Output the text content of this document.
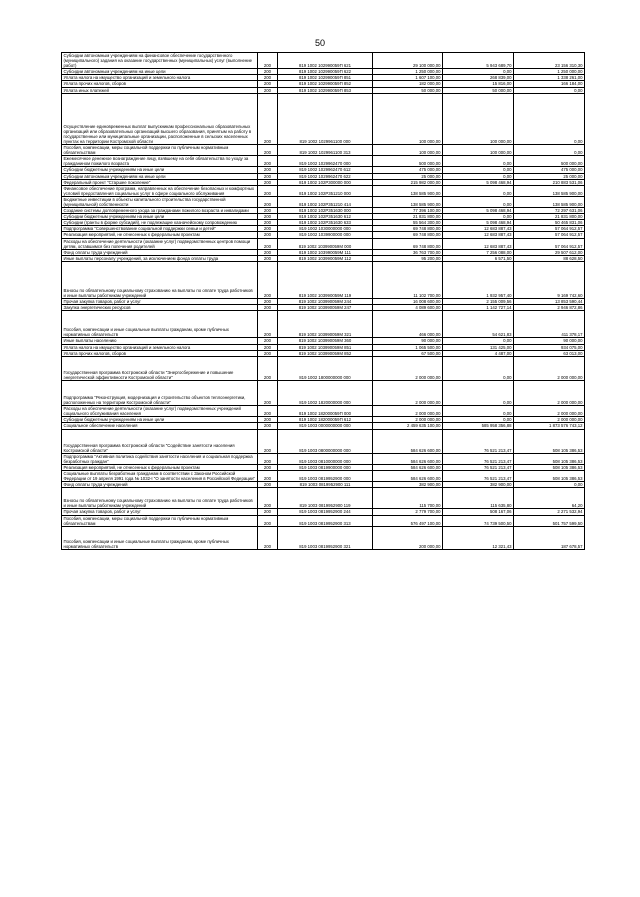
50
Субсидии автономным учреждениям на финансовое обеспечение государственного (муниципального) задания на оказание государственных (муниципальных) услуг (выполнение работ)	200	819 1002 102990059П 621	29 100 000,00	5 943 689,70	23 156 310,30
Субсидии автономным учреждениям на иные цели	200	819 1002 102990059П 622	1 250 000,00	0,00	1 250 000,00
Уплата налога на имущество организаций и земельного налога	200	819 1002 102990059П 851	1 607 100,00	268 839,00	1 338 261,00
Уплата прочих налогов, сборов	200	819 1002 102990059П 852	182 000,00	15 816,00	166 184,00
Уплата иных платежей	200	819 1002 102990059П 853	50 000,00	50 000,00	0,00
Осуществление единовременных выплат выпускникам профессиональных образовательных организаций или образовательных организаций высшего образования, принятым на работу в государственные или муниципальные организации, расположенные в сельских населенных пунктах на территории Костромской области	200	819 1002 1029961100 000	100 000,00	100 000,00	0,00
Пособия, компенсации, меры социальной поддержки по публичным нормативным обязательствам	200	819 1002 1029961100 313	100 000,00	100 000,00	0,00
Ежемесячное денежное вознаграждение лицу, взявшему на себя обязательства по уходу за гражданином пожилого возраста	200	819 1002 1029962470 000	500 000,00	0,00	500 000,00
Субсидии бюджетным учреждениям на иные цели	200	819 1002 1029962470 612	475 000,00	0,00	475 000,00
Субсидии автономным учреждениям на иные цели	200	819 1002 1029962470 622	25 000,00	0,00	25 000,00
Федеральный проект "Старшее поколение"	200	819 1002 102P300000 000	215 982 000,00	5 098 468,94	210 883 531,06
Финансовое обеспечение программ, направленных на обеспечение безопасных и комфортных условий предоставления социальных услуг в сфере социального обслуживания	200	819 1002 102P351210 000	138 585 900,00	0,00	138 585 900,00
Бюджетные инвестиции в объекты капитального строительства государственной (муниципальной) собственности	200	819 1002 102P351210 414	138 585 900,00	0,00	138 585 900,00
Создание системы долговременного ухода за гражданами пожилого возраста и инвалидами	200	819 1002 102P351630 000	77 396 100,00	5 098 468,94	72 297 631,06
Субсидии бюджетным учреждениям на иные цели	200	819 1002 102P351630 612	21 831 800,00	0,00	21 831 800,00
Субсидии (гранты в форме субсидий), не подлежащие казначейскому сопровождению	200	819 1002 102P351630 633	55 564 300,00	5 098 468,94	50 465 831,06
Подпрограмма "Совершенствование социальной поддержки семьи и детей"	200	819 1002 1030000000 000	69 748 800,00	12 683 887,43	57 064 912,57
Реализация мероприятий, не отнесенных к федеральным проектам	200	819 1002 1039900000 000	69 748 800,00	12 683 887,43	57 064 912,57
Расходы на обеспечение деятельности (оказание услуг) подведомственных центров помощи детям, оставшимся без попечения родителей	200	819 1002 103990059М 000	69 748 800,00	12 683 887,43	57 064 912,57
Фонд оплаты труда учреждений	200	819 1002 103990059М 111	36 763 700,00	7 256 088,00	29 507 612,00
Иные выплаты персоналу учреждений, за исключением фонда оплаты труда	200	819 1002 103990059М 112	95 200,00	6 571,50	88 628,50
Взносы по обязательному социальному страхованию на выплаты по оплате труда работников и иные выплаты работникам учреждений	200	819 1002 103990059М 119	11 102 700,00	1 932 957,40	9 169 742,60
Прочая закупка товаров, работ и услуг	200	819 1002 103990059М 244	16 008 600,00	2 155 009,56	13 853 590,44
Закупка энергетических ресурсов	200	819 1002 103990059М 247	4 089 600,00	1 142 727,14	2 946 872,86
Пособия, компенсации и иные социальные выплаты гражданам, кроме публичных нормативных обязательств	200	819 1002 103990059М 321	466 000,00	54 621,83	411 378,17
Иные выплаты населению	200	819 1002 103990059М 360	90 000,00	0,00	90 000,00
Уплата налога на имущество организаций и земельного налога	200	819 1002 103990059М 851	1 065 500,00	131 425,00	934 075,00
Уплата прочих налогов, сборов	200	819 1002 103990059М 852	67 500,00	4 487,00	63 013,00
Государственная программа Костромской области "Энергосбережение и повышение энергетической эффективности Костромской области"	200	819 1002 1800000000 000	2 000 000,00	0,00	2 000 000,00
Подпрограмма "Реконструкция, модернизация и строительство объектов теплоэнергетики, расположенных на территории Костромской области"	200	819 1002 1820000000 000	2 000 000,00	0,00	2 000 000,00
Расходы на обеспечение деятельности (оказание услуг) подведомственных учреждений социального обслуживания населения	200	819 1002 182000059П 000	2 000 000,00	0,00	2 000 000,00
Субсидии бюджетным учреждениям на иные цели	200	819 1002 182000059П 612	2 000 000,00	0,00	2 000 000,00
Социальное обеспечение населения	200	819 1003 0000000000 000	2 459 635 100,00	585 958 356,88	1 873 576 743,12
Государственная программа Костромской области "Содействие занятости населения Костромской области"	200	819 1003 0800000000 000	584 626 600,00	76 521 213,47	508 105 386,53
Подпрограмма "Активная политика содействия занятости населения и социальная поддержка безработных граждан"	200	819 1003 0810000000 000	584 626 600,00	76 521 213,47	508 105 386,53
Реализация мероприятий, не отнесенных к федеральным проектам	200	819 1003 0819900000 000	584 626 600,00	76 521 213,47	508 105 386,53
Социальные выплаты безработным гражданам в соответствии с Законом Российской Федерации от 19 апреля 1991 года № 1032-I "О занятости населения в Российской Федерации"	200	819 1003 0819952900 000	584 626 600,00	76 521 213,47	508 105 386,53
Фонд оплаты труда учреждений	200	819 1003 0819952900 111	382 900,00	382 900,00	0,00
Взносы по обязательному социальному страхованию на выплаты по оплате труда работников и иные выплаты работникам учреждений	200	819 1003 0819952900 119	115 700,00	115 635,80	64,20
Прочая закупка товаров, работ и услуг	200	819 1003 0819952900 244	2 779 700,00	508 167,06	2 271 532,94
Пособия, компенсации, меры социальной поддержки по публичным нормативным обязательствам	200	819 1003 0819952900 313	576 497 100,00	74 739 500,50	501 757 599,50
Пособия, компенсации и иные социальные выплаты гражданам, кроме публичных нормативных обязательств	200	819 1003 0819952900 321	200 000,00	12 321,43	187 678,57
